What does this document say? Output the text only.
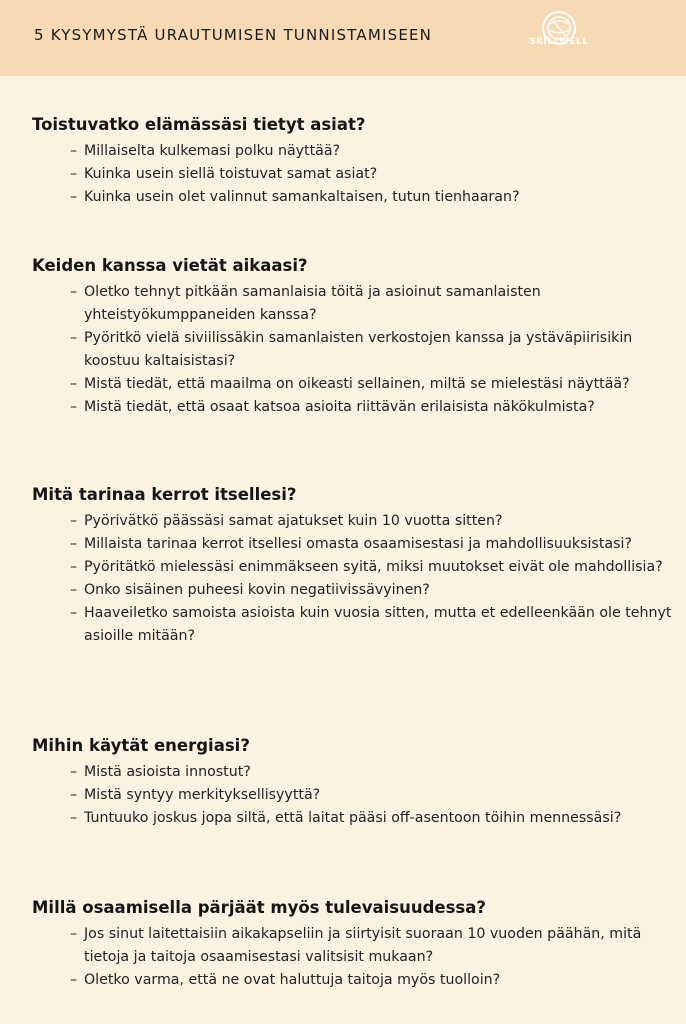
5 KYSYMYSTÄ URAUTUMISEN TUNNISTAMISEEN	SKILLWELL
Toistuvatko elämässäsi tietyt asiat?
– Millaiselta kulkemasi polku näyttää?
– Kuinka usein siellä toistuvat samat asiat?
– Kuinka usein olet valinnut samankaltaisen, tutun tienhaaran?
Keiden kanssa vietät aikaasi?
– Oletko tehnyt pitkään samanlaisia töitä ja asioinut samanlaisten yhteistyökumppaneiden kanssa?
– Pyöritkö vielä siviilissäkin samanlaisten verkostojen kanssa ja ystäväpiirisikin koostuu kaltaisistasi?
– Mistä tiedät, että maailma on oikeasti sellainen, miltä se mielestäsi näyttää?
– Mistä tiedät, että osaat katsoa asioita riittävän erilaisista näkökulmista?
Mitä tarinaa kerrot itsellesi?
– Pyörivätkö päässäsi samat ajatukset kuin 10 vuotta sitten?
– Millaista tarinaa kerrot itsellesi omasta osaamisestasi ja mahdollisuuksistasi?
– Pyöritätkö mielessäsi enimmäkseen syitä, miksi muutokset eivät ole mahdollisia?
– Onko sisäinen puheesi kovin negatiivissävyinen?
– Haaveiletko samoista asioista kuin vuosia sitten, mutta et edelleenkään ole tehnyt asioille mitään?
Mihin käytät energiasi?
– Mistä asioista innostut?
– Mistä syntyy merkityksellisyyttä?
– Tuntuuko joskus jopa siltä, että laitat pääsi off-asentoon töihin mennessäsi?
Millä osaamisella pärjäät myös tulevaisuudessa?
– Jos sinut laitettaisiin aikakapseliin ja siirtyisit suoraan 10 vuoden päähän, mitä tietoja ja taitoja osaamisestasi valitsisit mukaan?
– Oletko varma, että ne ovat haluttuja taitoja myös tuolloin?
